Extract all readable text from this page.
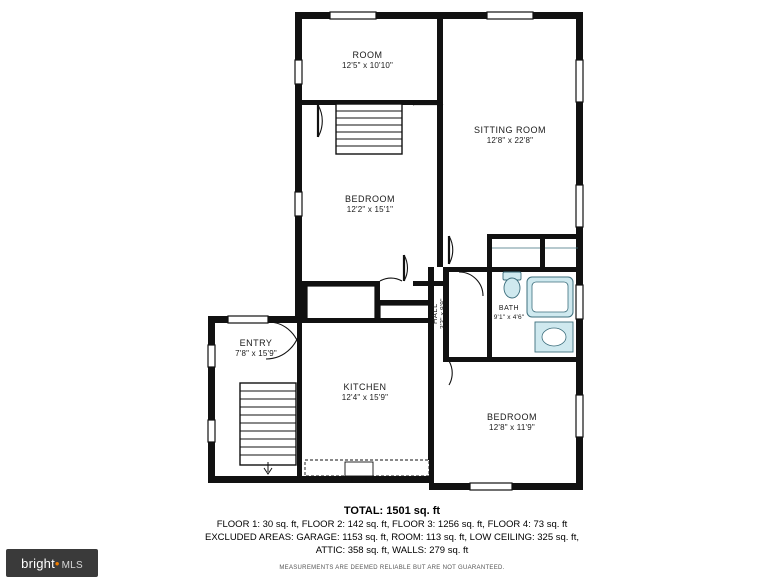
ROOM
12'5" x 10'10"
SITTING ROOM
12'8" x 22'8"
BEDROOM
12'2" x 15'1"
HALL 3'3" x 9'9"	BATH
9'1" x 4'6"
ENTRY
7'8" x 15'9"
KITCHEN
12'4" x 15'9"
BEDROOM
12'8" x 11'9"
TOTAL: 1501 sq. ft
FLOOR 1: 30 sq. ft, FLOOR 2: 142 sq. ft, FLOOR 3: 1256 sq. ft, FLOOR 4: 73 sq. ft
EXCLUDED AREAS: GARAGE: 1153 sq. ft, ROOM: 113 sq. ft, LOW CEILING: 325 sq. ft,
ATTIC: 358 sq. ft, WALLS: 279 sq. ft
MEASUREMENTS ARE DEEMED RELIABLE BUT ARE NOT GUARANTEED.
bright• MLS
